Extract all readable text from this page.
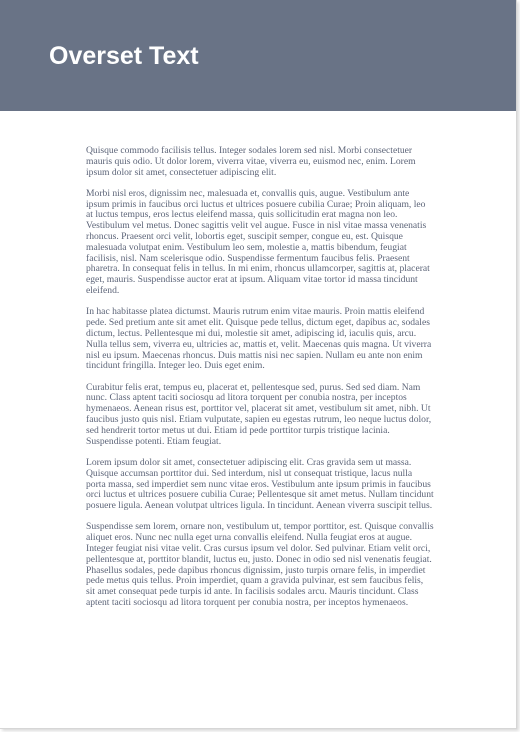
Overset Text

Quisque commodo facilisis tellus. Integer sodales lorem sed nisl. Morbi consectetuer mauris quis odio. Ut dolor lorem, viverra vitae, viverra eu, euismod nec, enim. Lorem ipsum dolor sit amet, consectetuer adipiscing elit.

Morbi nisl eros, dignissim nec, malesuada et, convallis quis, augue. Vestibulum ante ipsum primis in faucibus orci luctus et ultrices posuere cubilia Curae; Proin aliquam, leo at luctus tempus, eros lectus eleifend massa, quis sollicitudin erat magna non leo. Vestibulum vel metus. Donec sagittis velit vel augue. Fusce in nisl vitae massa venenatis rhoncus. Praesent orci velit, lobortis eget, suscipit semper, congue eu, est. Quisque malesuada volutpat enim. Vestibulum leo sem, molestie a, mattis bibendum, feugiat facilisis, nisl. Nam scelerisque odio. Suspendisse fermentum faucibus felis. Praesent pharetra. In consequat felis in tellus. In mi enim, rhoncus ullamcorper, sagittis at, placerat eget, mauris. Suspendisse auctor erat at ipsum. Aliquam vitae tortor id massa tincidunt eleifend.

In hac habitasse platea dictumst. Mauris rutrum enim vitae mauris. Proin mattis eleifend pede. Sed pretium ante sit amet elit. Quisque pede tellus, dictum eget, dapibus ac, sodales dictum, lectus. Pellentesque mi dui, molestie sit amet, adipiscing id, iaculis quis, arcu. Nulla tellus sem, viverra eu, ultricies ac, mattis et, velit. Maecenas quis magna. Ut viverra nisl eu ipsum. Maecenas rhoncus. Duis mattis nisi nec sapien. Nullam eu ante non enim tincidunt fringilla. Integer leo. Duis eget enim.

Curabitur felis erat, tempus eu, placerat et, pellentesque sed, purus. Sed sed diam. Nam nunc. Class aptent taciti sociosqu ad litora torquent per conubia nostra, per inceptos hymenaeos. Aenean risus est, porttitor vel, placerat sit amet, vestibulum sit amet, nibh. Ut faucibus justo quis nisl. Etiam vulputate, sapien eu egestas rutrum, leo neque luctus dolor, sed hendrerit tortor metus ut dui. Etiam id pede porttitor turpis tristique lacinia. Suspendisse potenti. Etiam feugiat.

Lorem ipsum dolor sit amet, consectetuer adipiscing elit. Cras gravida sem ut massa. Quisque accumsan porttitor dui. Sed interdum, nisl ut consequat tristique, lacus nulla porta massa, sed imperdiet sem nunc vitae eros. Vestibulum ante ipsum primis in faucibus orci luctus et ultrices posuere cubilia Curae; Pellentesque sit amet metus. Nullam tincidunt posuere ligula. Aenean volutpat ultrices ligula. In tincidunt. Aenean viverra suscipit tellus.

Suspendisse sem lorem, ornare non, vestibulum ut, tempor porttitor, est. Quisque convallis aliquet eros. Nunc nec nulla eget urna convallis eleifend. Nulla feugiat eros at augue. Integer feugiat nisi vitae velit. Cras cursus ipsum vel dolor. Sed pulvinar. Etiam velit orci, pellentesque at, porttitor blandit, luctus eu, justo. Donec in odio sed nisl venenatis feugiat. Phasellus sodales, pede dapibus rhoncus dignissim, justo turpis ornare felis, in imperdiet pede metus quis tellus. Proin imperdiet, quam a gravida pulvinar, est sem faucibus felis, sit amet consequat pede turpis id ante. In facilisis sodales arcu. Mauris tincidunt. Class aptent taciti sociosqu ad litora torquent per conubia nostra, per inceptos hymenaeos.
